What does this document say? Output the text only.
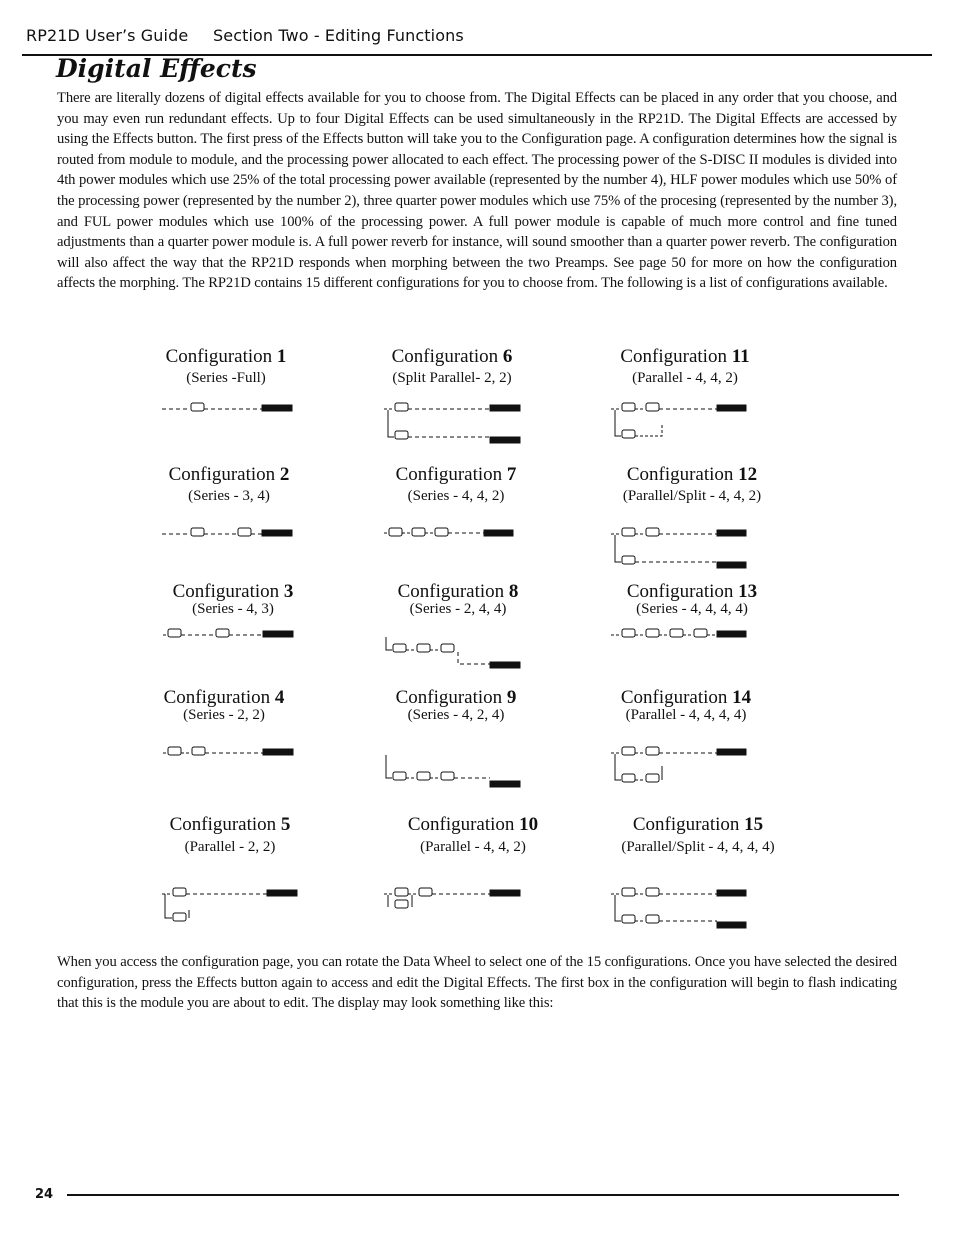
RP21D User’s Guide Section Two - Editing Functions
Digital Effects
There are literally dozens of digital effects available for you to choose from. The Digital Effects can be placed in any order that you choose, and you may even run redundant effects. Up to four Digital Effects can be used simultaneously in the RP21D. The Digital Effects are accessed by using the Effects button. The first press of the Effects button will take you to the Configuration page. A configuration determines how the signal is routed from module to module, and the processing power allocated to each effect. The processing power of the S-DISC II modules is divided into 4th power modules which use 25% of the total processing power available (represented by the number 4), HLF power modules which use 50% of the processing power (represented by the number 2), three quarter power modules which use 75% of the procesing (represented by the number 3), and FUL power modules which use 100% of the processing power. A full power module is capable of much more control and fine tuned adjustments than a quarter power module is. A full power reverb for instance, will sound smoother than a quarter power reverb. The configuration will also affect the way that the RP21D responds when morphing between the two Preamps. See page 50 for more on how the configuration affects the morphing. The RP21D contains 15 different configurations for you to choose from. The following is a list of configurations available.
Configuration 1
(Series -Full)
Configuration 2
(Series - 3, 4)
Configuration 3
(Series - 4, 3)
Configuration 4
(Series - 2, 2)
Configuration 5
(Parallel - 2, 2)
Configuration 6
(Split Parallel- 2, 2)
Configuration 7
(Series - 4, 4, 2)
Configuration 8
(Series - 2, 4, 4)
Configuration 9
(Series - 4, 2, 4)
Configuration 10
(Parallel - 4, 4, 2)
Configuration 11
(Parallel - 4, 4, 2)
Configuration 12
(Parallel/Split - 4, 4, 2)
Configuration 13
(Series - 4, 4, 4, 4)
Configuration 14
(Parallel - 4, 4, 4, 4)
Configuration 15
(Parallel/Split - 4, 4, 4, 4)
When you access the configuration page, you can rotate the Data Wheel to select one of the 15 configurations. Once you have selected the desired configuration, press the Effects button again to access and edit the Digital Effects. The first box in the configuration will begin to flash indicating that this is the module you are about to edit. The display may look something like this:
24
